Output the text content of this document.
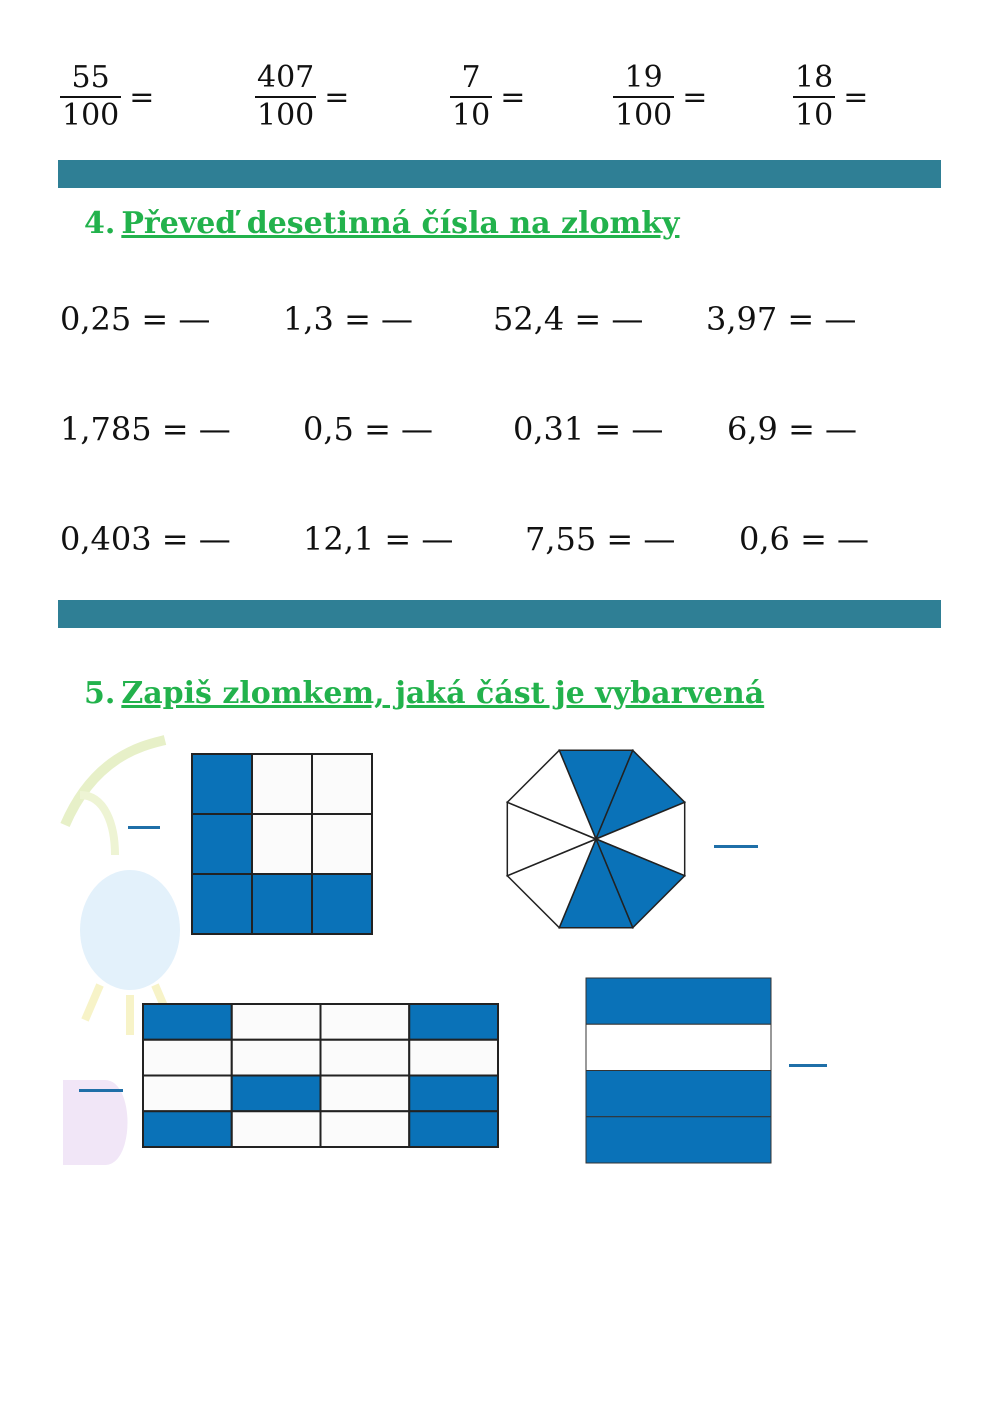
$\frac{55}{100}$ =	$\frac{407}{100}$ =	$\frac{7}{10}$ =	$\frac{19}{100}$ =	$\frac{18}{10}$ =
4. Převeď desetinná čísla na zlomky
0,25 = — 1,3 = — 52,4 = — 3,97 = —
1,785 = — 0,5 = — 0,31 = — 6,9 = —
0,403 = — 12,1 = — 7,55 = — 0,6 = —
5. Zapiš zlomkem, jaká část je vybarvená
